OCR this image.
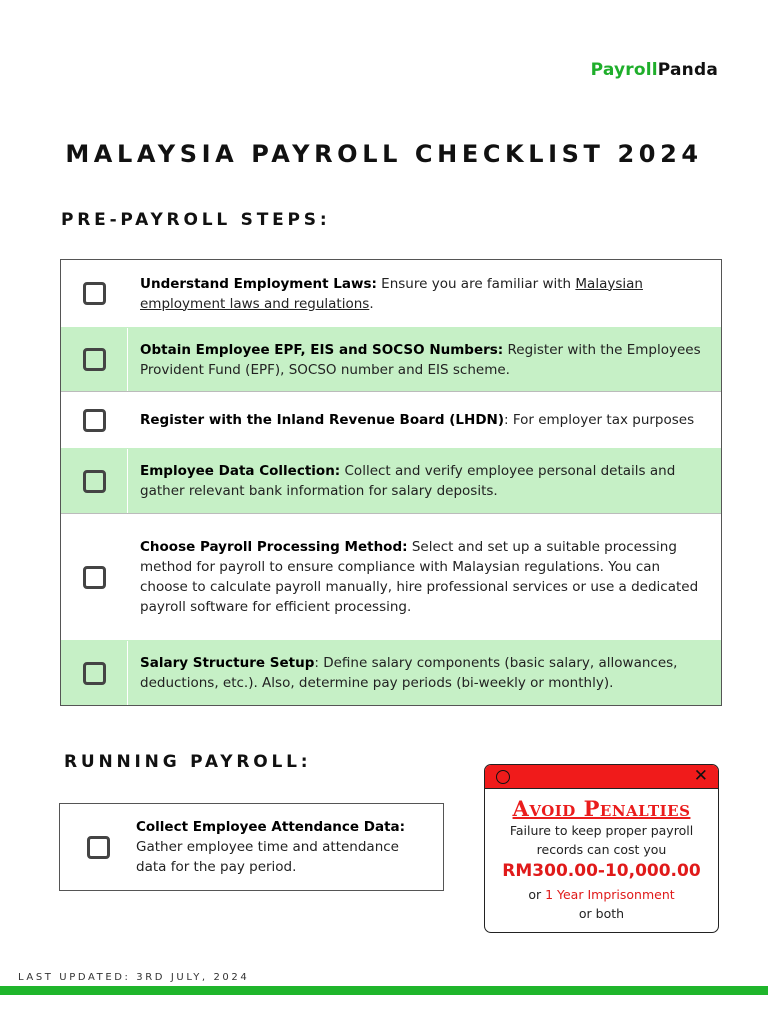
PayrollPanda
MALAYSIA PAYROLL CHECKLIST 2024
PRE-PAYROLL STEPS:
Understand Employment Laws: Ensure you are familiar with Malaysian employment laws and regulations.
Obtain Employee EPF, EIS and SOCSO Numbers: Register with the Employees Provident Fund (EPF), SOCSO number and EIS scheme.
Register with the Inland Revenue Board (LHDN): For employer tax purposes
Employee Data Collection: Collect and verify employee personal details and gather relevant bank information for salary deposits.
Choose Payroll Processing Method: Select and set up a suitable processing method for payroll to ensure compliance with Malaysian regulations. You can choose to calculate payroll manually, hire professional services or use a dedicated payroll software for efficient processing.
Salary Structure Setup: Define salary components (basic salary, allowances, deductions, etc.). Also, determine pay periods (bi-weekly or monthly).
RUNNING PAYROLL:
Collect Employee Attendance Data: Gather employee time and attendance data for the pay period.
✕
Avoid Penalties
Failure to keep proper payroll
records can cost you
RM300.00-10,000.00
or 1 Year Imprisonment
or both
LAST UPDATED: 3RD JULY, 2024
